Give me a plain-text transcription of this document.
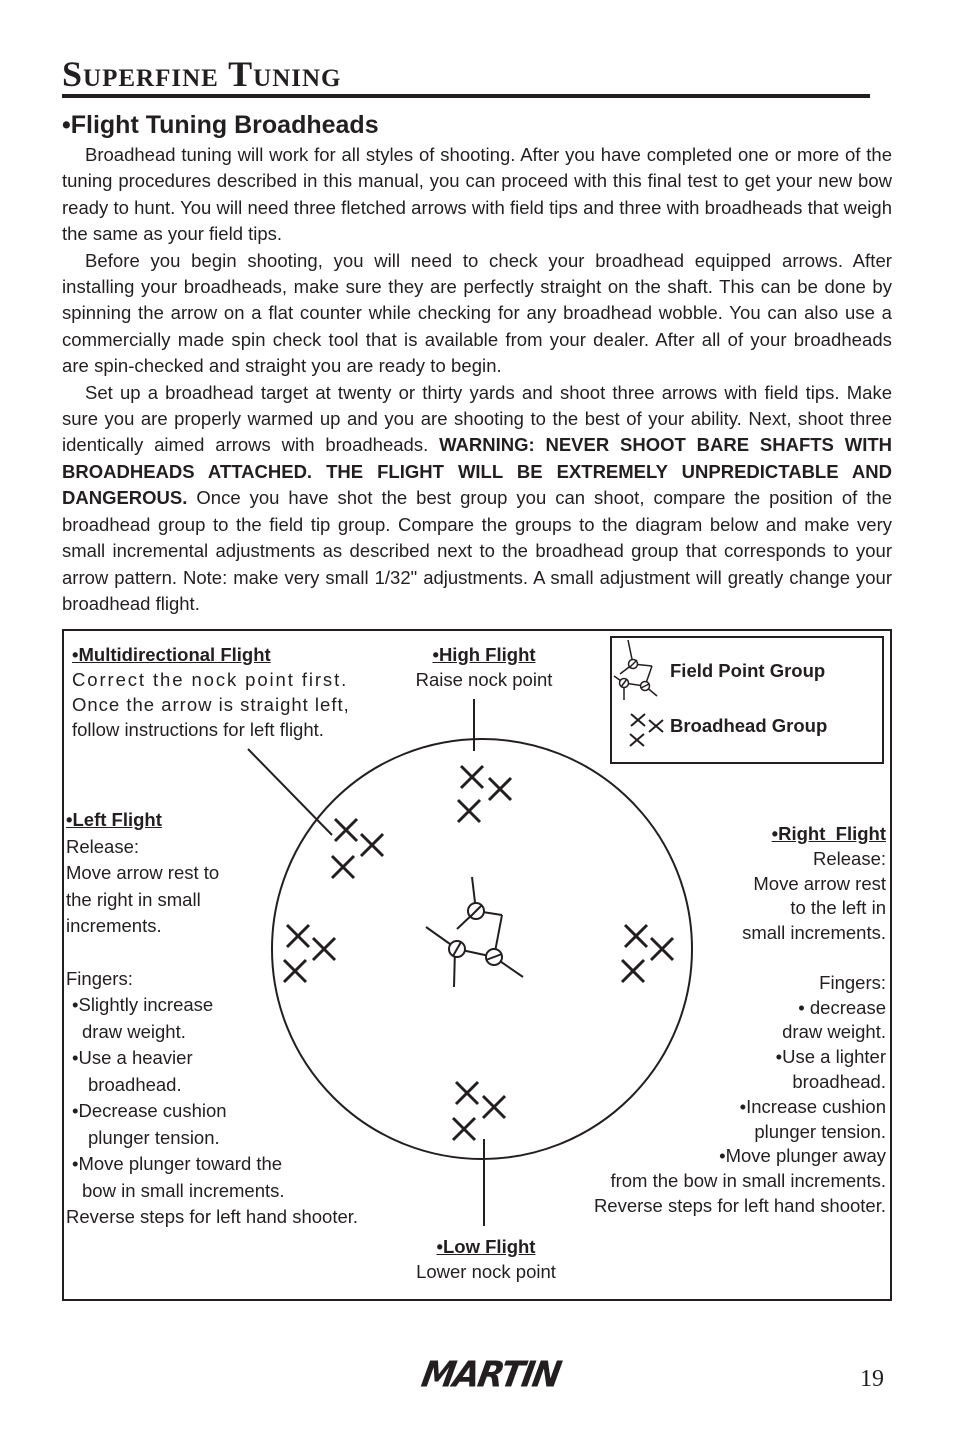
Superfine Tuning
•Flight Tuning Broadheads

Broadhead tuning will work for all styles of shooting. After you have completed one or more of the tuning procedures described in this manual, you can proceed with this final test to get your new bow ready to hunt. You will need three fletched arrows with field tips and three with broadheads that weigh the same as your field tips.

Before you begin shooting, you will need to check your broadhead equipped arrows. After installing your broadheads, make sure they are perfectly straight on the shaft. This can be done by spinning the arrow on a flat counter while checking for any broadhead wobble. You can also use a commercially made spin check tool that is available from your dealer. After all of your broadheads are spin-checked and straight you are ready to begin.

Set up a broadhead target at twenty or thirty yards and shoot three arrows with field tips. Make sure you are properly warmed up and you are shooting to the best of your ability. Next, shoot three identically aimed arrows with broadheads. WARNING: NEVER SHOOT BARE SHAFTS WITH BROADHEADS ATTACHED. THE FLIGHT WILL BE EXTREMELY UNPREDICTABLE AND DANGEROUS. Once you have shot the best group you can shoot, compare the position of the broadhead group to the field tip group. Compare the groups to the diagram below and make very small incremental adjustments as described next to the broadhead group that corresponds to your arrow pattern. Note: make very small 1/32" adjustments. A small adjustment will greatly change your broadhead flight.

•Multidirectional Flight
Correct the nock point first.
Once the arrow is straight left,
follow instructions for left flight.
•High Flight
Raise nock point
•Low Flight
Lower nock point
•Left Flight
Release:
Move arrow rest to
the right in small
increments.
Fingers:
•Slightly increase
draw weight.
•Use a heavier
broadhead.
•Decrease cushion
plunger tension.
•Move plunger toward the
bow in small increments.
Reverse steps for left hand shooter.
•Right  Flight
Release:
Move arrow rest
to the left in
small increments.
Fingers:
• decrease
draw weight.
•Use a lighter
broadhead.
•Increase cushion
plunger tension.
•Move plunger away
from the bow in small increments.
Reverse steps for left hand shooter.
Field Point Group
Broadhead Group
MARTIN	19
